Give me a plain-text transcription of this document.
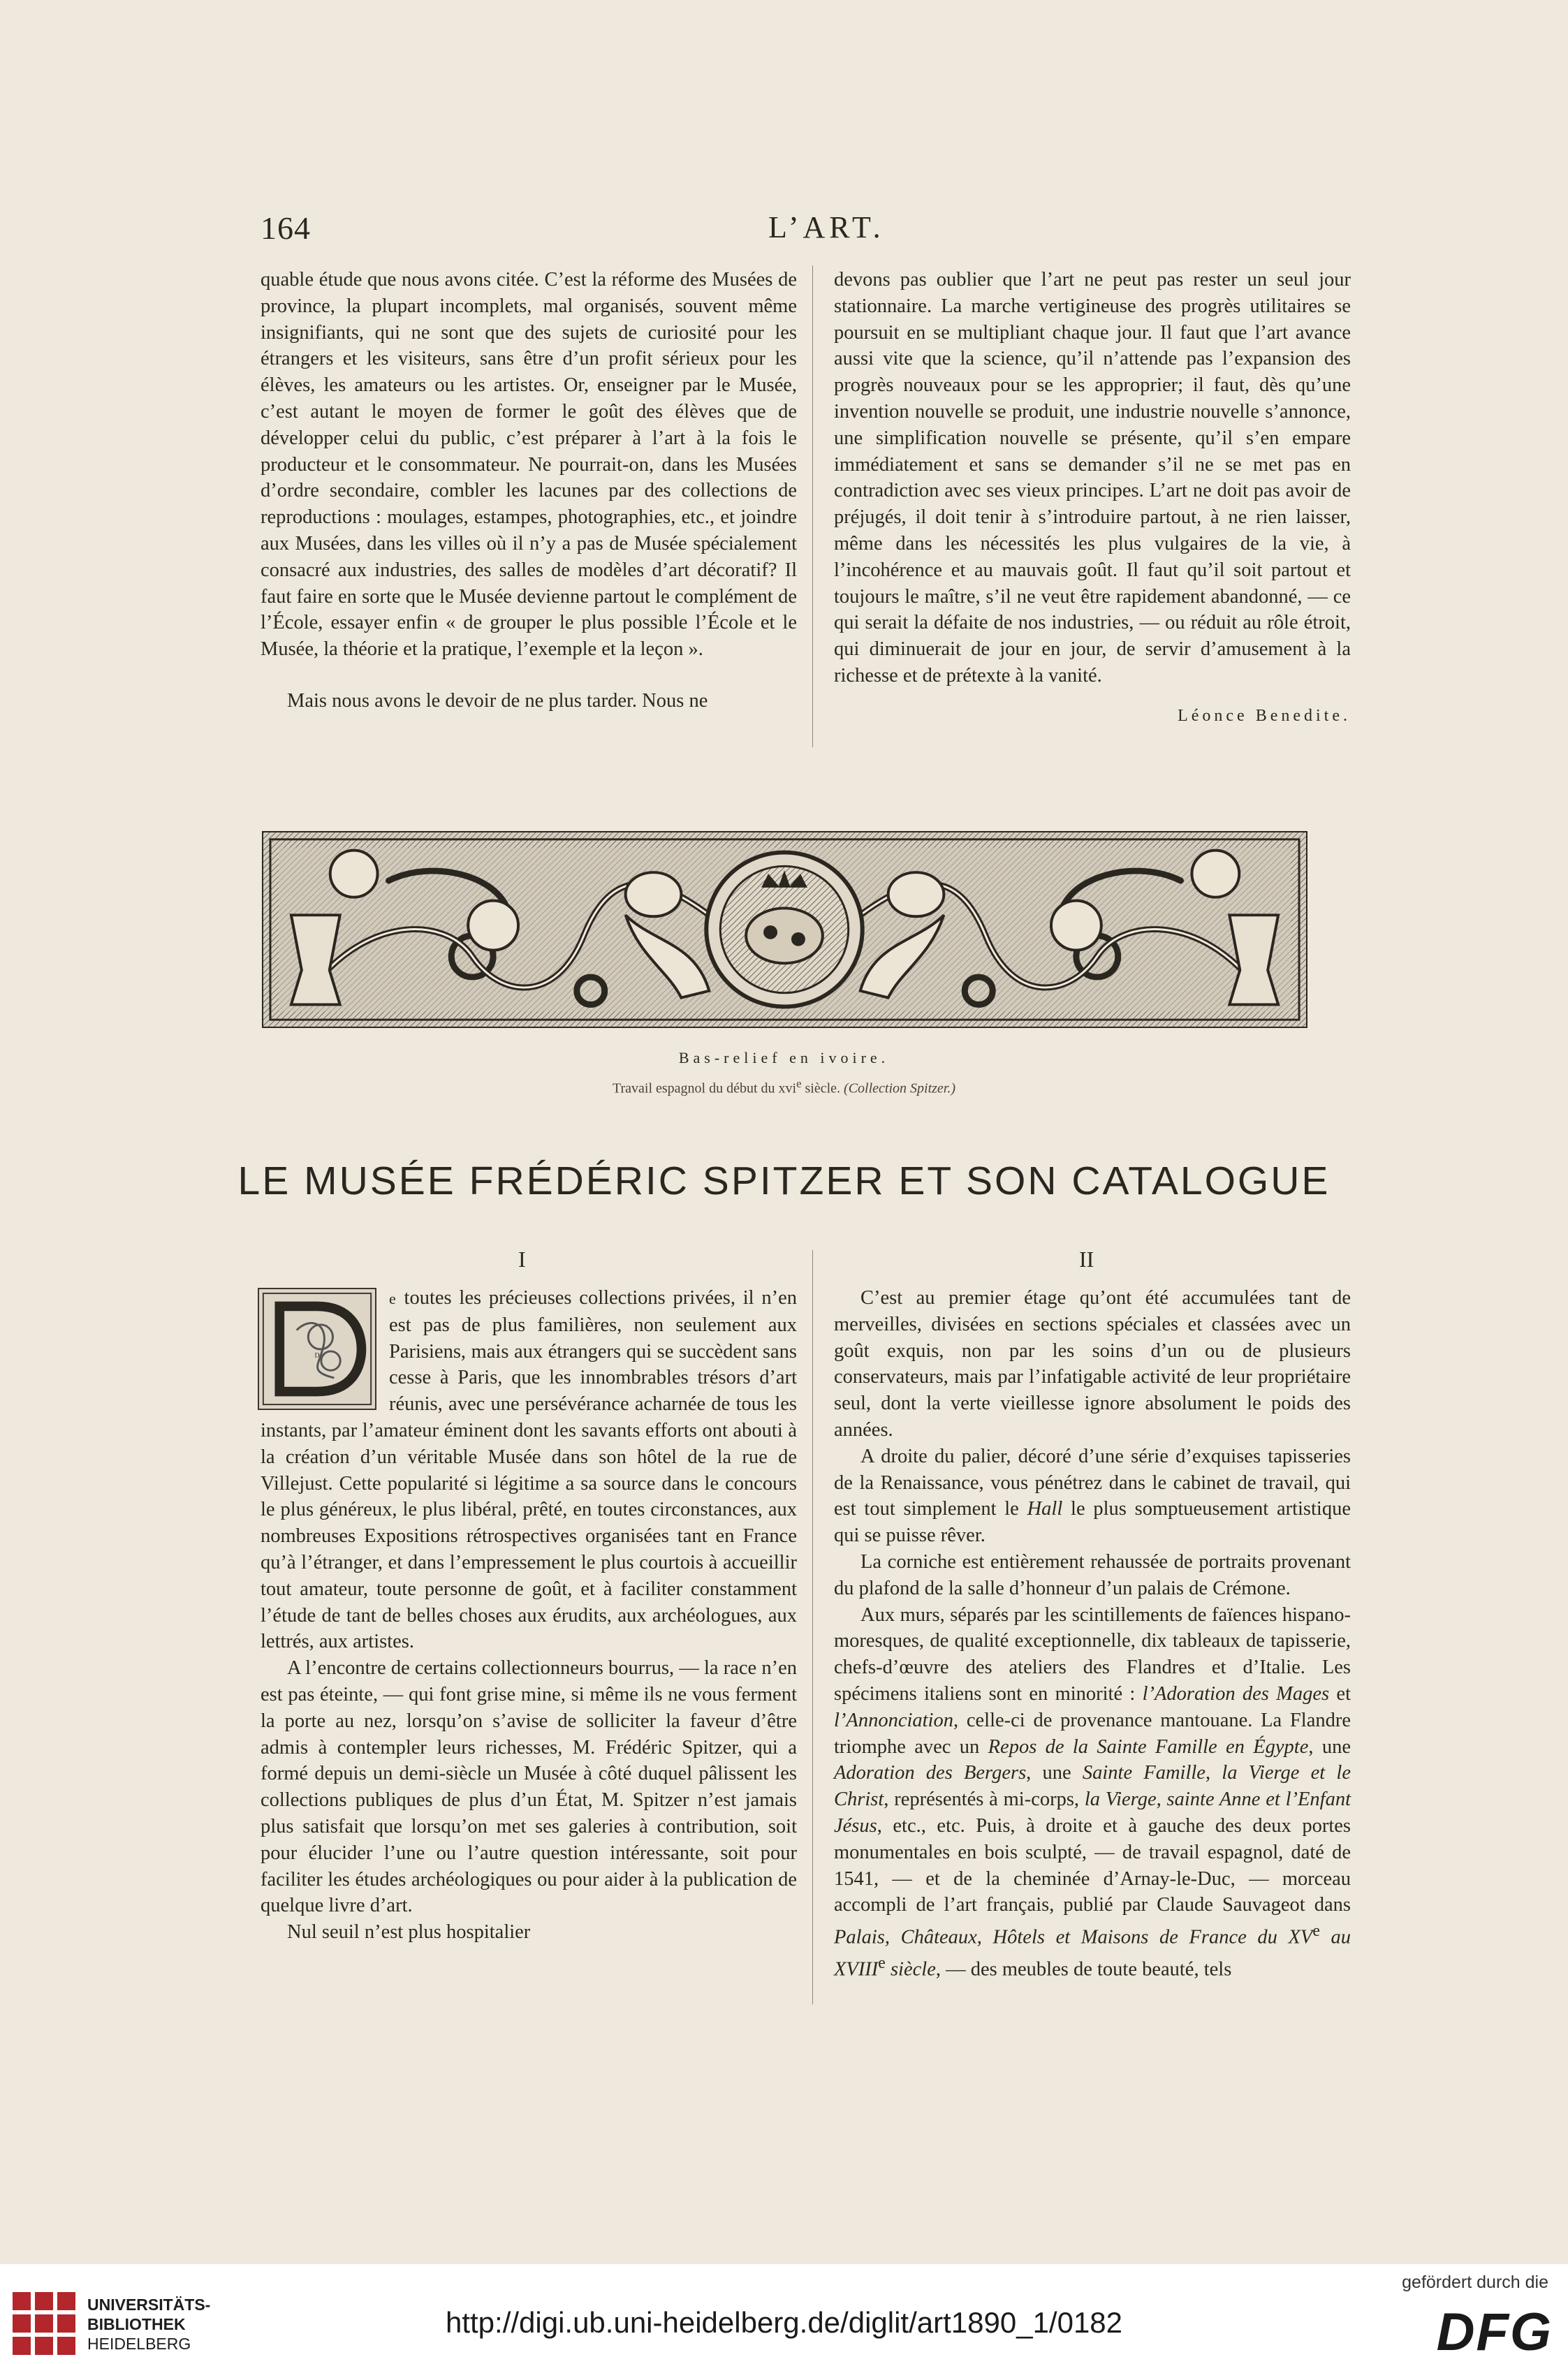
164	L’ART.

quable étude que nous avons citée. C’est la réforme des Musées de province, la plupart incomplets, mal organisés, souvent même insignifiants, qui ne sont que des sujets de curiosité pour les étrangers et les visiteurs, sans être d’un profit sérieux pour les élèves, les amateurs ou les artistes. Or, enseigner par le Musée, c’est autant le moyen de former le goût des élèves que de développer celui du public, c’est préparer à l’art à la fois le producteur et le consommateur. Ne pourrait-on, dans les Musées d’ordre secondaire, combler les lacunes par des collections de reproductions : moulages, estampes, photographies, etc., et joindre aux Musées, dans les villes où il n’y a pas de Musée spécialement consacré aux industries, des salles de modèles d’art décoratif? Il faut faire en sorte que le Musée devienne partout le complément de l’École, essayer enfin « de grouper le plus possible l’École et le Musée, la théorie et la pratique, l’exemple et la leçon ».

Mais nous avons le devoir de ne plus tarder. Nous ne

devons pas oublier que l’art ne peut pas rester un seul jour stationnaire. La marche vertigineuse des progrès utilitaires se poursuit en se multipliant chaque jour. Il faut que l’art avance aussi vite que la science, qu’il n’attende pas l’expansion des progrès nouveaux pour se les approprier; il faut, dès qu’une invention nouvelle se produit, une industrie nouvelle s’annonce, une simplification nouvelle se présente, qu’il s’en empare immédiatement et sans se demander s’il ne se met pas en contradiction avec ses vieux principes. L’art ne doit pas avoir de préjugés, il doit tenir à s’introduire partout, à ne rien laisser, même dans les nécessités les plus vulgaires de la vie, à l’incohérence et au mauvais goût. Il faut qu’il soit partout et toujours le maître, s’il ne veut être rapidement abandonné, — ce qui serait la défaite de nos industries, — ou réduit au rôle étroit, qui diminuerait de jour en jour, de servir d’amusement à la richesse et de prétexte à la vanité.

Léonce Benedite.

Bas-relief en ivoire.
Travail espagnol du début du xvi$^e$ siècle. (Collection Spitzer.)
LE MUSÉE FRÉDÉRIC SPITZER ET SON CATALOGUE
I	II

D
e toutes les précieuses collections privées, il n’en est pas de plus familières, non seulement aux Parisiens, mais aux étrangers qui se succèdent sans cesse à Paris, que les innombrables trésors d’art réunis, avec une persévérance acharnée de tous les instants, par l’amateur éminent dont les savants efforts ont abouti à la création d’un véritable Musée dans son hôtel de la rue de Villejust. Cette popularité si légitime a sa source dans le concours le plus généreux, le plus libéral, prêté, en toutes circonstances, aux nombreuses Expositions rétrospectives organisées tant en France qu’à l’étranger, et dans l’empressement le plus courtois à accueillir tout amateur, toute personne de goût, et à faciliter constamment l’étude de tant de belles choses aux érudits, aux archéologues, aux lettrés, aux artistes.

A l’encontre de certains collectionneurs bourrus, — la race n’en est pas éteinte, — qui font grise mine, si même ils ne vous ferment la porte au nez, lorsqu’on s’avise de solliciter la faveur d’être admis à contempler leurs richesses, M. Frédéric Spitzer, qui a formé depuis un demi-siècle un Musée à côté duquel pâlissent les collections publiques de plus d’un État, M. Spitzer n’est jamais plus satisfait que lorsqu’on met ses galeries à contribution, soit pour élucider l’une ou l’autre question intéressante, soit pour faciliter les études archéologiques ou pour aider à la publication de quelque livre d’art.

Nul seuil n’est plus hospitalier

C’est au premier étage qu’ont été accumulées tant de merveilles, divisées en sections spéciales et classées avec un goût exquis, non par les soins d’un ou de plusieurs conservateurs, mais par l’infatigable activité de leur propriétaire seul, dont la verte vieillesse ignore absolument le poids des années.

A droite du palier, décoré d’une série d’exquises tapisseries de la Renaissance, vous pénétrez dans le cabinet de travail, qui est tout simplement le Hall le plus somptueusement artistique qui se puisse rêver.

La corniche est entièrement rehaussée de portraits provenant du plafond de la salle d’honneur d’un palais de Crémone.

Aux murs, séparés par les scintillements de faïences hispano-moresques, de qualité exceptionnelle, dix tableaux de tapisserie, chefs-d’œuvre des ateliers des Flandres et d’Italie. Les spécimens italiens sont en minorité : l’Adoration des Mages et l’Annonciation, celle-ci de provenance mantouane. La Flandre triomphe avec un Repos de la Sainte Famille en Égypte, une Adoration des Bergers, une Sainte Famille, la Vierge et le Christ, représentés à mi-corps, la Vierge, sainte Anne et l’Enfant Jésus, etc., etc. Puis, à droite et à gauche des deux portes monumentales en bois sculpté, — de travail espagnol, daté de 1541, — et de la cheminée d’Arnay-le-Duc, — morceau accompli de l’art français, publié par Claude Sauvageot dans Palais, Châteaux, Hôtels et Maisons de France du XVe au XVIIIe siècle, — des meubles de toute beauté, tels

UNIVERSITÄTS-
BIBLIOTHEK
HEIDELBERG
http://digi.ub.uni-heidelberg.de/diglit/art1890_1/0182
gefördert durch die
DFG
